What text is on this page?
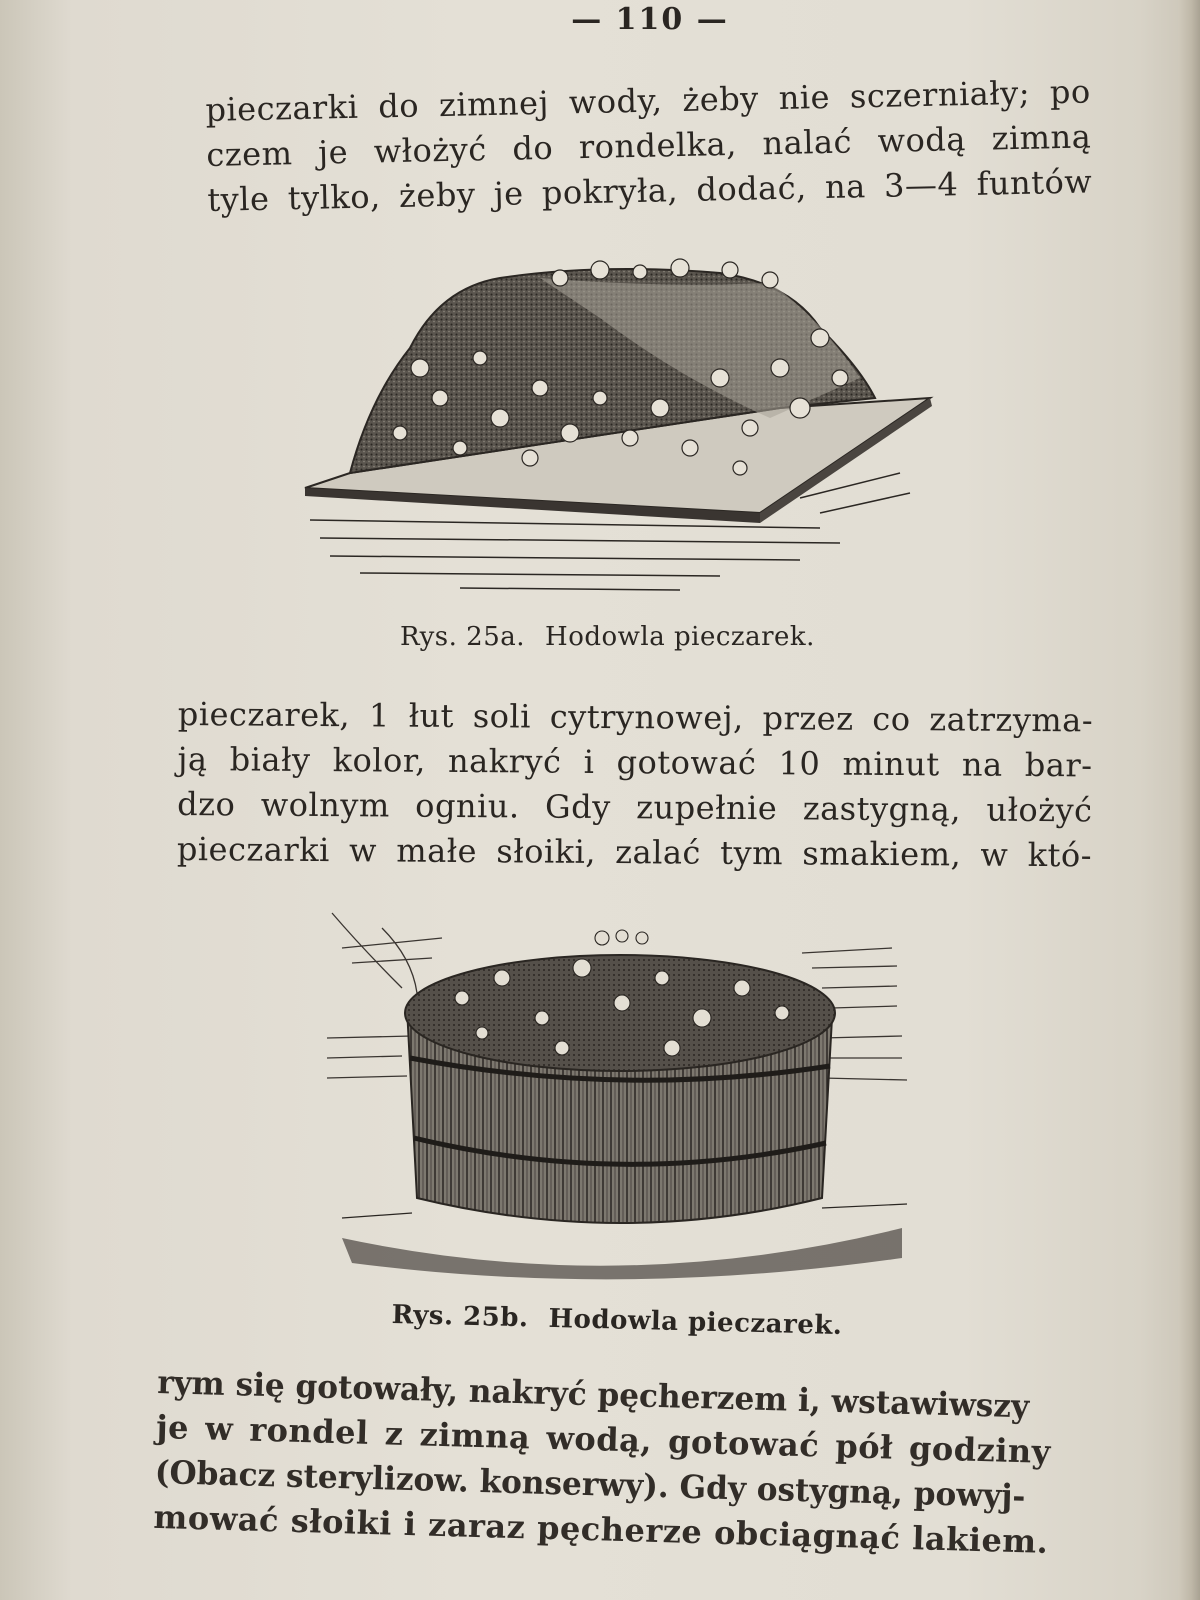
— 110 —
pieczarki do zimnej wody, żeby nie sczerniały; po
czem je włożyć do rondelka, nalać wodą zimną
tyle tylko, żeby je pokryła, dodać, na 3—4 funtów
Rys. 25a. Hodowla pieczarek.
pieczarek, 1 łut soli cytrynowej, przez co zatrzyma-
ją biały kolor, nakryć i gotować 10 minut na bar-
dzo wolnym ogniu. Gdy zupełnie zastygną, ułożyć
pieczarki w małe słoiki, zalać tym smakiem, w któ-
Rys. 25b. Hodowla pieczarek.
rym się gotowały, nakryć pęcherzem i, wstawiwszy
je w rondel z zimną wodą, gotować pół godziny
(Obacz sterylizow. konserwy). Gdy ostygną, powyj-
mować słoiki i zaraz pęcherze obciągnąć lakiem.
